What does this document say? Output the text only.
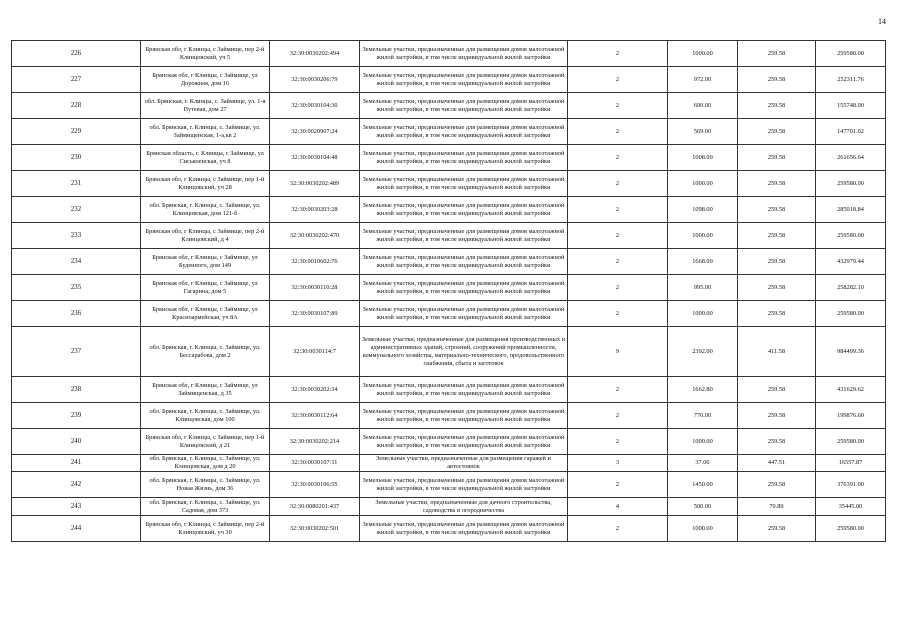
14
226	Брянская обл, г Клинцы, с Займище, пер 2-й Клинцовский, уч 5	32:30:0030202:494	Земельные участки, предназначенные для размещения домов малоэтажной жилой застройки, в том числе индивидуальной жилой застройки	2	1000.00	259.58	259580.00
227	Брянская обл, г Клинцы, с Займище, ул Дорожная, дом 16	32:30:0030206:79	Земельные участки, предназначенные для размещения домов малоэтажной жилой застройки, в том числе индивидуальной жилой застройки	2	972.00	259.58	252311.76
228	обл. Брянская, г. Клинцы, с. Займище, ул. 1-я Путевая, дом 27	32:30:0030104:30	Земельные участки, предназначенные для размещения домов малоэтажной жилой застройки, в том числе индивидуальной жилой застройки	2	600.00	259.58	155748.00
229	обл. Брянская, г. Клинцы, с. Займище, ул. Займищенская, 1-а,кв 2	32:30:0020907:24	Земельные участки, предназначенные для размещения домов малоэтажной жилой застройки, в том числе индивидуальной жилой застройки	2	569.00	259.58	147701.02
230	Брянская область, г. Клинцы, с Займище, ул Сиськоенская, уч 8	32:30:0030104:48	Земельные участки, предназначенные для размещения домов малоэтажной жилой застройки, в том числе индивидуальной жилой застройки	2	1008.00	259.58	261656.64
231	Брянская обл, г Клинцы, с Займище, пер 1-й Клинцовский, уч 28	32:30:0030202:489	Земельные участки, предназначенные для размещения домов малоэтажной жилой застройки, в том числе индивидуальной жилой застройки	2	1000.00	259.58	259580.00
232	обл. Брянская, г. Клинцы, с. Займище, ул. Клинцовская, дом 121-б	32:30:0030203:28	Земельные участки, предназначенные для размещения домов малоэтажной жилой застройки, в том числе индивидуальной жилой застройки	2	1098.00	259.58	285018.84
233	Брянская обл, г Клинцы, с Займище, пер 2-й Клинцовский, д 4	32:30:0030202:470	Земельные участки, предназначенные для размещения домов малоэтажной жилой застройки, в том числе индивидуальной жилой застройки	2	1000.00	259.58	259580.00
234	Брянская обл, г Клинцы, с Займище, ул Буденного, дом 149	32:30:0010602:76	Земельные участки, предназначенные для размещения домов малоэтажной жилой застройки, в том числе индивидуальной жилой застройки	2	1668.00	259.58	432979.44
235	Брянская обл, г Клинцы, с Займище, ул Гагарина, дом 5	32:30:0030110:28	Земельные участки, предназначенные для размещения домов малоэтажной жилой застройки, в том числе индивидуальной жилой застройки	2	995.00	259.58	258282.10
236	Брянская обл, г Клинцы, с Займище, ул Красноармейская, уч 8А	32:30:0030107:89	Земельные участки, предназначенные для размещения домов малоэтажной жилой застройки, в том числе индивидуальной жилой застройки	2	1000.00	259.58	259580.00
237	обл. Брянская, г. Клинцы, с. Займище, ул. Бессарабова, дом 2	32:30:0030114:7	Земельные участки, предназначенные для размещения производственных и административных зданий, строений, сооружений промышленности, коммунального хозяйства, материально-технического, продовольственного снабжения, сбыта и заготовок	9	2392.00	411.58	984499.36
238	Брянская обл, г Клинцы, с Займище, ул Займищенская, д 35	32:30:0030202:34	Земельные участки, предназначенные для размещения домов малоэтажной жилой застройки, в том числе индивидуальной жилой застройки	2	1662.80	259.58	431629.62
239	обл. Брянская, г. Клинцы, с. Займище, ул. Клинцовская, дом 100	32:30:0030112:64	Земельные участки, предназначенные для размещения домов малоэтажной жилой застройки, в том числе индивидуальной жилой застройки	2	770.00	259.58	199876.60
240	Брянская обл, г Клинцы, с Займище, пер 1-й Клинцовский, д 21	32:30:0030202:214	Земельные участки, предназначенные для размещения домов малоэтажной жилой застройки, в том числе индивидуальной жилой застройки	2	1000.00	259.58	259580.00
241	обл. Брянская, г. Клинцы, с. Займище, ул. Клинцовская, дом д 20	32:30:0030107:11	Земельные участки, предназначенные для размещения гаражей и автостоянок	3	37.00	447.51	16557.87
242	обл. Брянская, г. Клинцы, с. Займище, ул. Новая Жизнь, дом 36	32:30:0030106:55	Земельные участки, предназначенные для размещения домов малоэтажной жилой застройки, в том числе индивидуальной жилой застройки	2	1450.00	259.58	376391.00
243	обл. Брянская, г. Клинцы, с. Займище, ул. Садовая, дом 373	32:30:0080201:437	Земельные участки, предназначенные для дачного строительства, садоводства и огородничества	4	500.00	70.89	35445.00
244	Брянская обл, г Клинцы, с Займище, пер 2-й Клинцовский, уч 30	32:30:0030202:501	Земельные участки, предназначенные для размещения домов малоэтажной жилой застройки, в том числе индивидуальной жилой застройки	2	1000.00	259.58	259580.00
